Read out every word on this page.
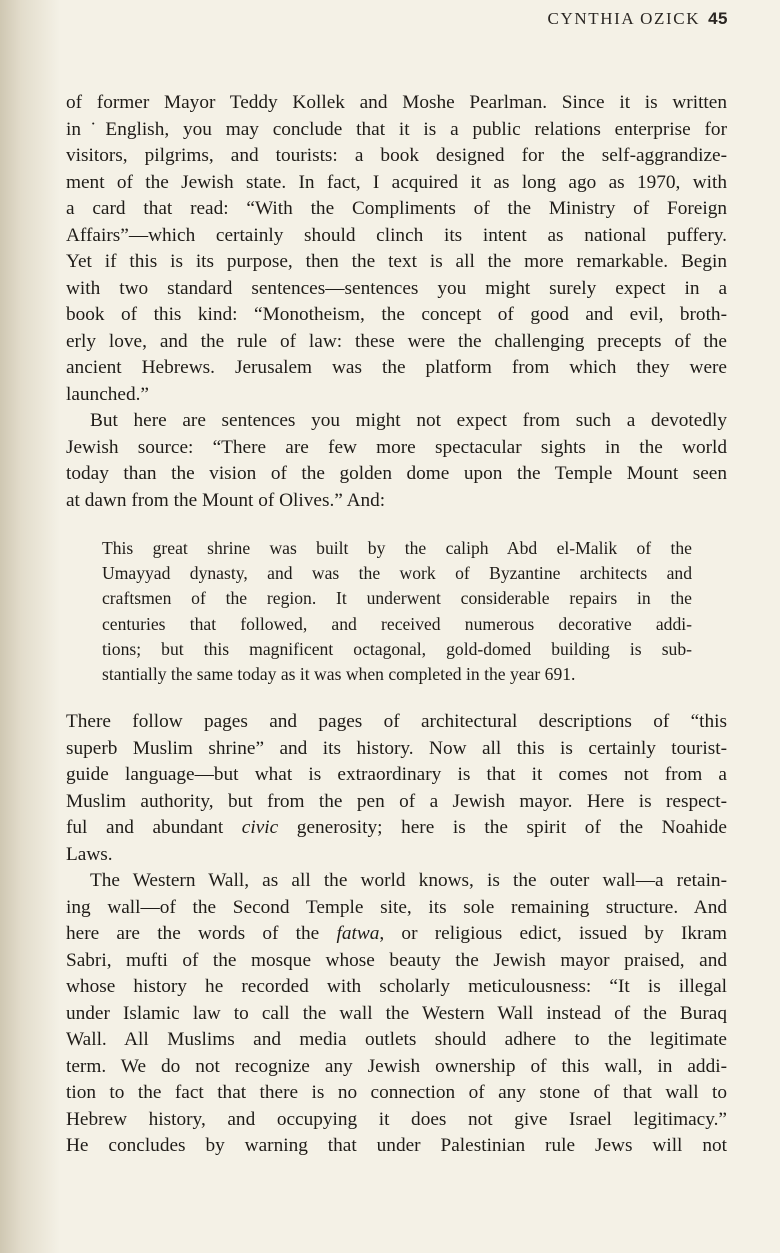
CYNTHIA OZICK 45
of former Mayor Teddy Kollek and Moshe Pearlman. Since it is written
in˙English, you may conclude that it is a public relations enterprise for
visitors, pilgrims, and tourists: a book designed for the self-aggrandize-
ment of the Jewish state. In fact, I acquired it as long ago as 1970, with
a card that read: “With the Compliments of the Ministry of Foreign
Affairs”—which certainly should clinch its intent as national puffery.
Yet if this is its purpose, then the text is all the more remarkable. Begin
with two standard sentences—sentences you might surely expect in a
book of this kind: “Monotheism, the concept of good and evil, broth-
erly love, and the rule of law: these were the challenging precepts of the
ancient Hebrews. Jerusalem was the platform from which they were
launched.”
But here are sentences you might not expect from such a devotedly
Jewish source: “There are few more spectacular sights in the world
today than the vision of the golden dome upon the Temple Mount seen
at dawn from the Mount of Olives.” And:
This great shrine was built by the caliph Abd el-Malik of the
Umayyad dynasty, and was the work of Byzantine architects and
craftsmen of the region. It underwent considerable repairs in the
centuries that followed, and received numerous decorative addi-
tions; but this magnificent octagonal, gold-domed building is sub-
stantially the same today as it was when completed in the year 691.
There follow pages and pages of architectural descriptions of “this
superb Muslim shrine” and its history. Now all this is certainly tourist-
guide language—but what is extraordinary is that it comes not from a
Muslim authority, but from the pen of a Jewish mayor. Here is respect-
ful and abundant civic generosity; here is the spirit of the Noahide
Laws.
The Western Wall, as all the world knows, is the outer wall—a retain-
ing wall—of the Second Temple site, its sole remaining structure. And
here are the words of the fatwa, or religious edict, issued by Ikram
Sabri, mufti of the mosque whose beauty the Jewish mayor praised, and
whose history he recorded with scholarly meticulousness: “It is illegal
under Islamic law to call the wall the Western Wall instead of the Buraq
Wall. All Muslims and media outlets should adhere to the legitimate
term. We do not recognize any Jewish ownership of this wall, in addi-
tion to the fact that there is no connection of any stone of that wall to
Hebrew history, and occupying it does not give Israel legitimacy.”
He concludes by warning that under Palestinian rule Jews will not
